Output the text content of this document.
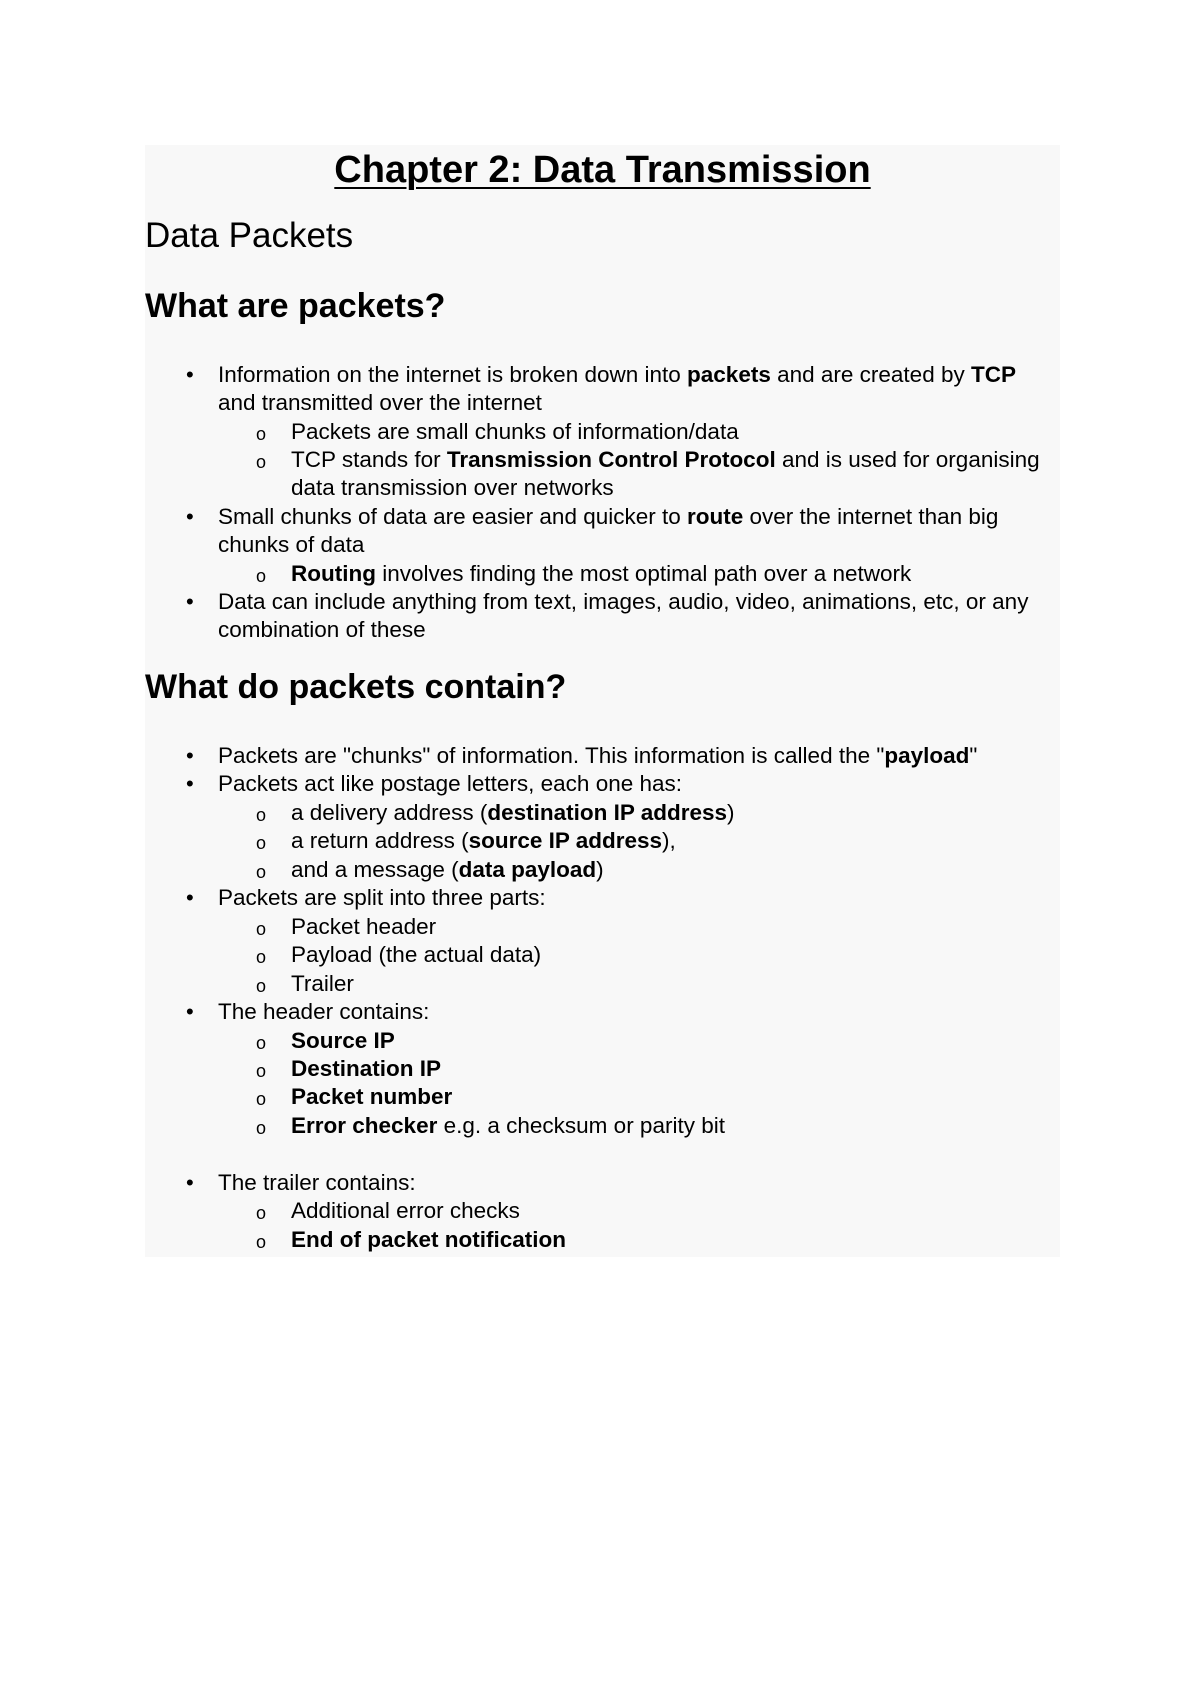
Chapter 2: Data Transmission
Data Packets
What are packets?
• Information on the internet is broken down into packets and are created by TCP and transmitted over the internet
o Packets are small chunks of information/data
o TCP stands for Transmission Control Protocol and is used for organising data transmission over networks
• Small chunks of data are easier and quicker to route over the internet than big chunks of data
o Routing involves finding the most optimal path over a network
• Data can include anything from text, images, audio, video, animations, etc, or any combination of these
What do packets contain?
• Packets are "chunks" of information. This information is called the "payload"
• Packets act like postage letters, each one has:
o a delivery address (destination IP address)
o a return address (source IP address),
o and a message (data payload)
• Packets are split into three parts:
o Packet header
o Payload (the actual data)
o Trailer
• The header contains:
o Source IP
o Destination IP
o Packet number
o Error checker e.g. a checksum or parity bit
• The trailer contains:
o Additional error checks
o End of packet notification
